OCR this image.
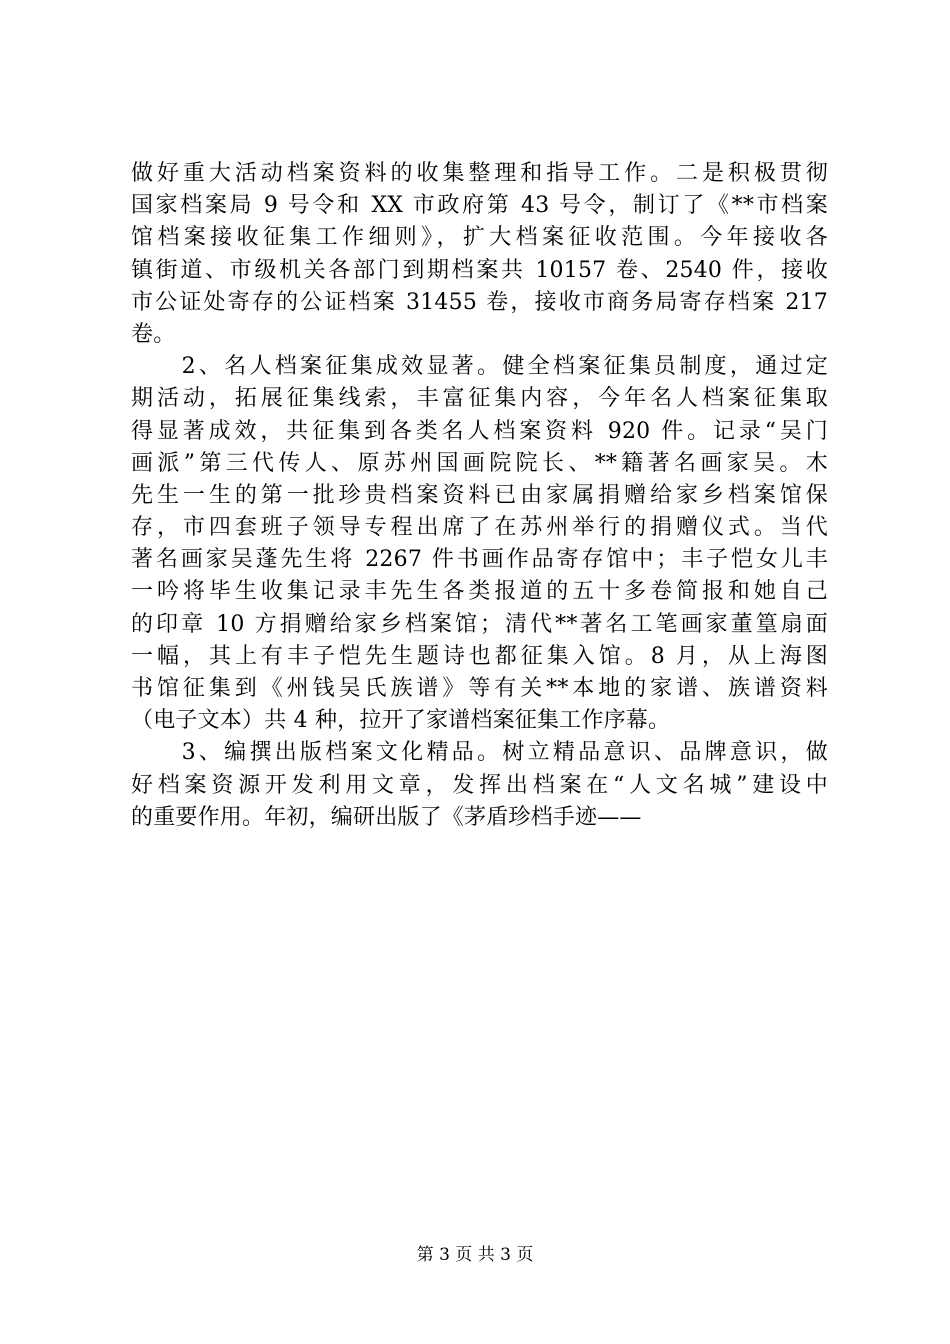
做好重大活动档案资料的收集整理和指导工作。二是积极贯彻
国家档案局 9 号令和 XX 市政府第 43 号令，制订了《**市档案
馆档案接收征集工作细则》，扩大档案征收范围。今年接收各
镇街道、市级机关各部门到期档案共 10157 卷、2540 件，接收
市公证处寄存的公证档案 31455 卷，接收市商务局寄存档案 217
卷。
　　2、名人档案征集成效显著。健全档案征集员制度，通过定
期活动，拓展征集线索，丰富征集内容，今年名人档案征集取
得显著成效，共征集到各类名人档案资料 920 件。记录“吴门
画派”第三代传人、原苏州国画院院长、**籍著名画家吴。木
先生一生的第一批珍贵档案资料已由家属捐赠给家乡档案馆保
存，市四套班子领导专程出席了在苏州举行的捐赠仪式。当代
著名画家吴蓬先生将 2267 件书画作品寄存馆中；丰子恺女儿丰
一吟将毕生收集记录丰先生各类报道的五十多卷简报和她自己
的印章 10 方捐赠给家乡档案馆；清代**著名工笔画家董篁扇面
一幅，其上有丰子恺先生题诗也都征集入馆。8 月，从上海图
书馆征集到《州钱吴氏族谱》等有关**本地的家谱、族谱资料
（电子文本）共 4 种，拉开了家谱档案征集工作序幕。
　　3、编撰出版档案文化精品。树立精品意识、品牌意识，做
好档案资源开发利用文章，发挥出档案在“人文名城”建设中
的重要作用。年初，编研出版了《茅盾珍档手迹——
第 3 页 共 3 页
